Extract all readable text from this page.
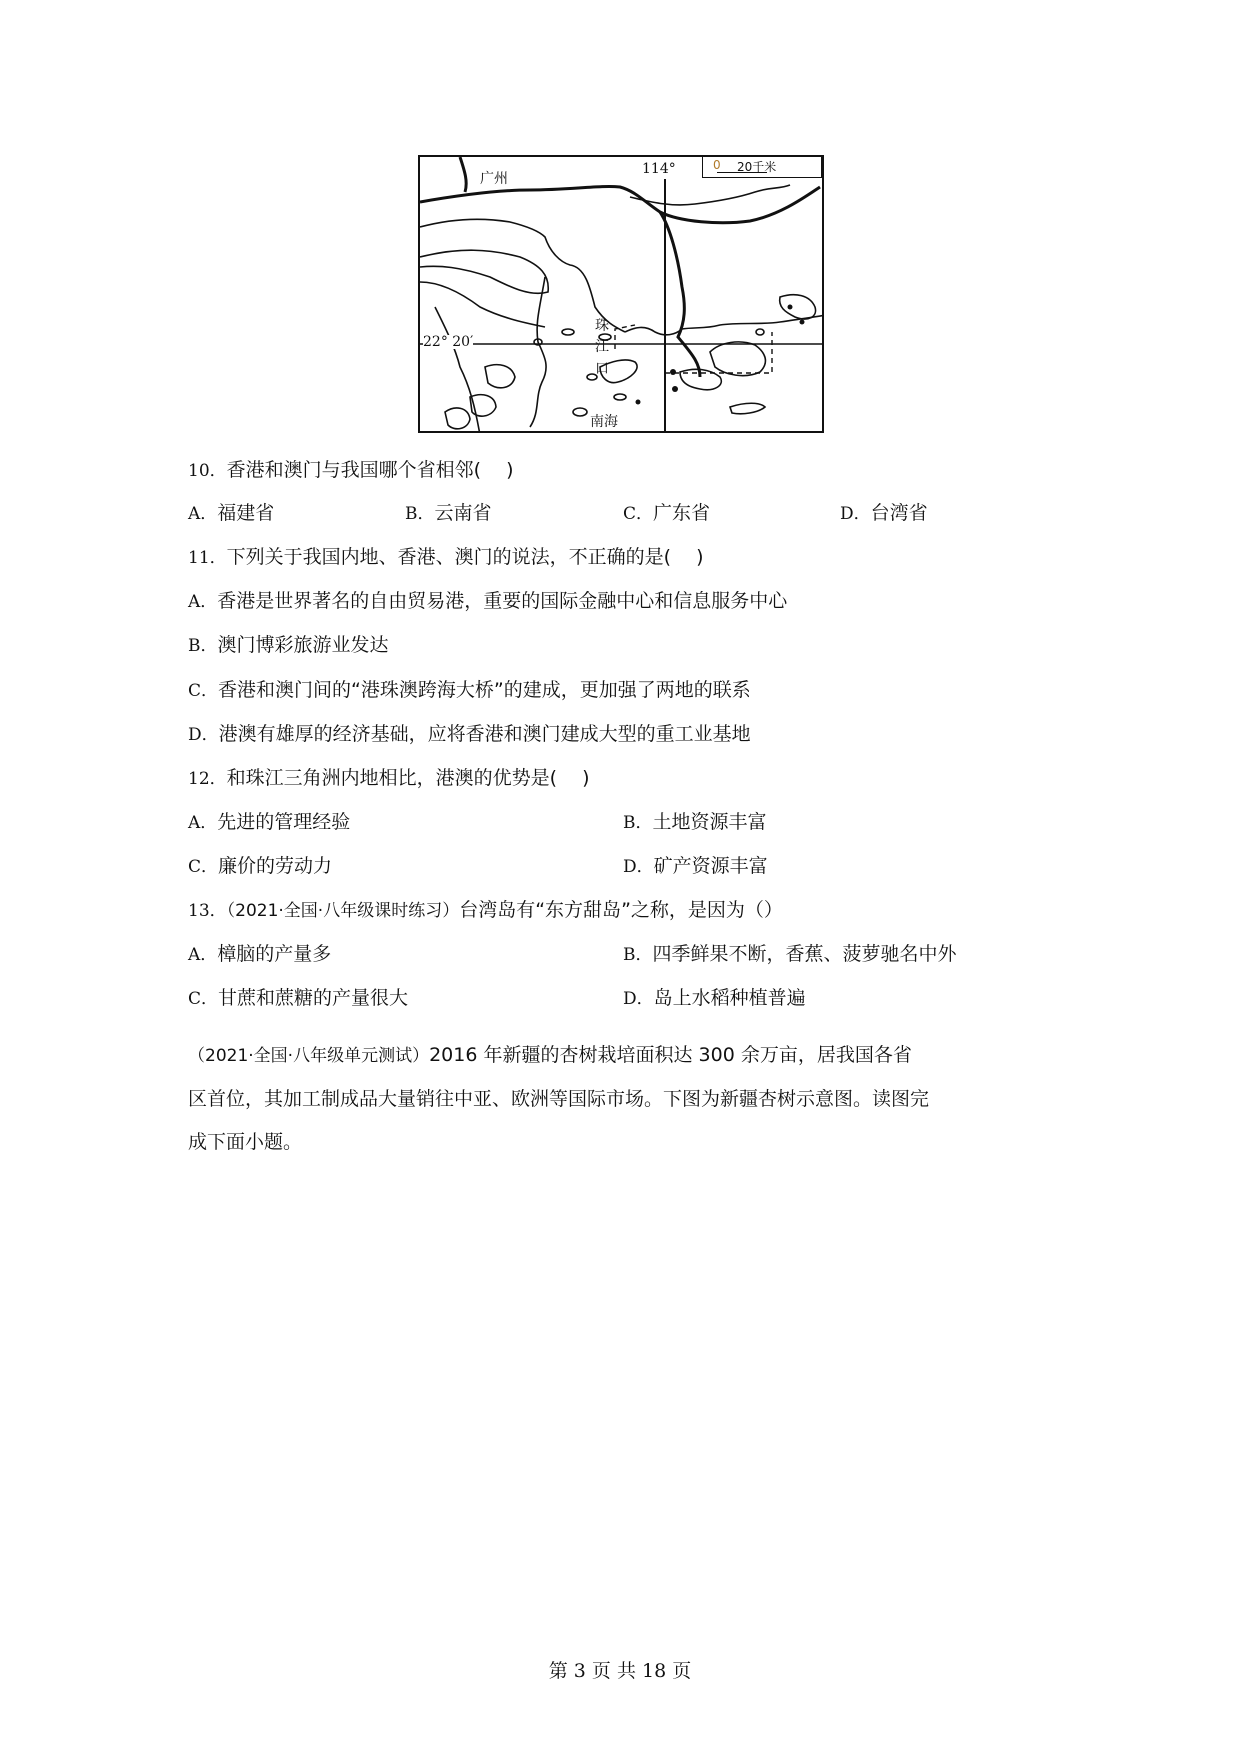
广州
114°
22° 20′
珠
江
口
南海
0 20千米
10．香港和澳门与我国哪个省相邻(　 )
A．福建省	B．云南省	C．广东省	D．台湾省
11．下列关于我国内地、香港、澳门的说法，不正确的是(　 )
A．香港是世界著名的自由贸易港，重要的国际金融中心和信息服务中心
B．澳门博彩旅游业发达
C．香港和澳门间的“港珠澳跨海大桥”的建成，更加强了两地的联系
D．港澳有雄厚的经济基础，应将香港和澳门建成大型的重工业基地
12．和珠江三角洲内地相比，港澳的优势是(　 )
A．先进的管理经验	B．土地资源丰富
C．廉价的劳动力	D．矿产资源丰富
13．（2021·全国·八年级课时练习）台湾岛有“东方甜岛”之称，是因为（）
A．樟脑的产量多	B．四季鲜果不断，香蕉、菠萝驰名中外
C．甘蔗和蔗糖的产量很大	D．岛上水稻种植普遍
（2021·全国·八年级单元测试）2016 年新疆的杏树栽培面积达 300 余万亩，居我国各省
区首位，其加工制成品大量销往中亚、欧洲等国际市场。下图为新疆杏树示意图。读图完
成下面小题。
第 3 页 共 18 页
